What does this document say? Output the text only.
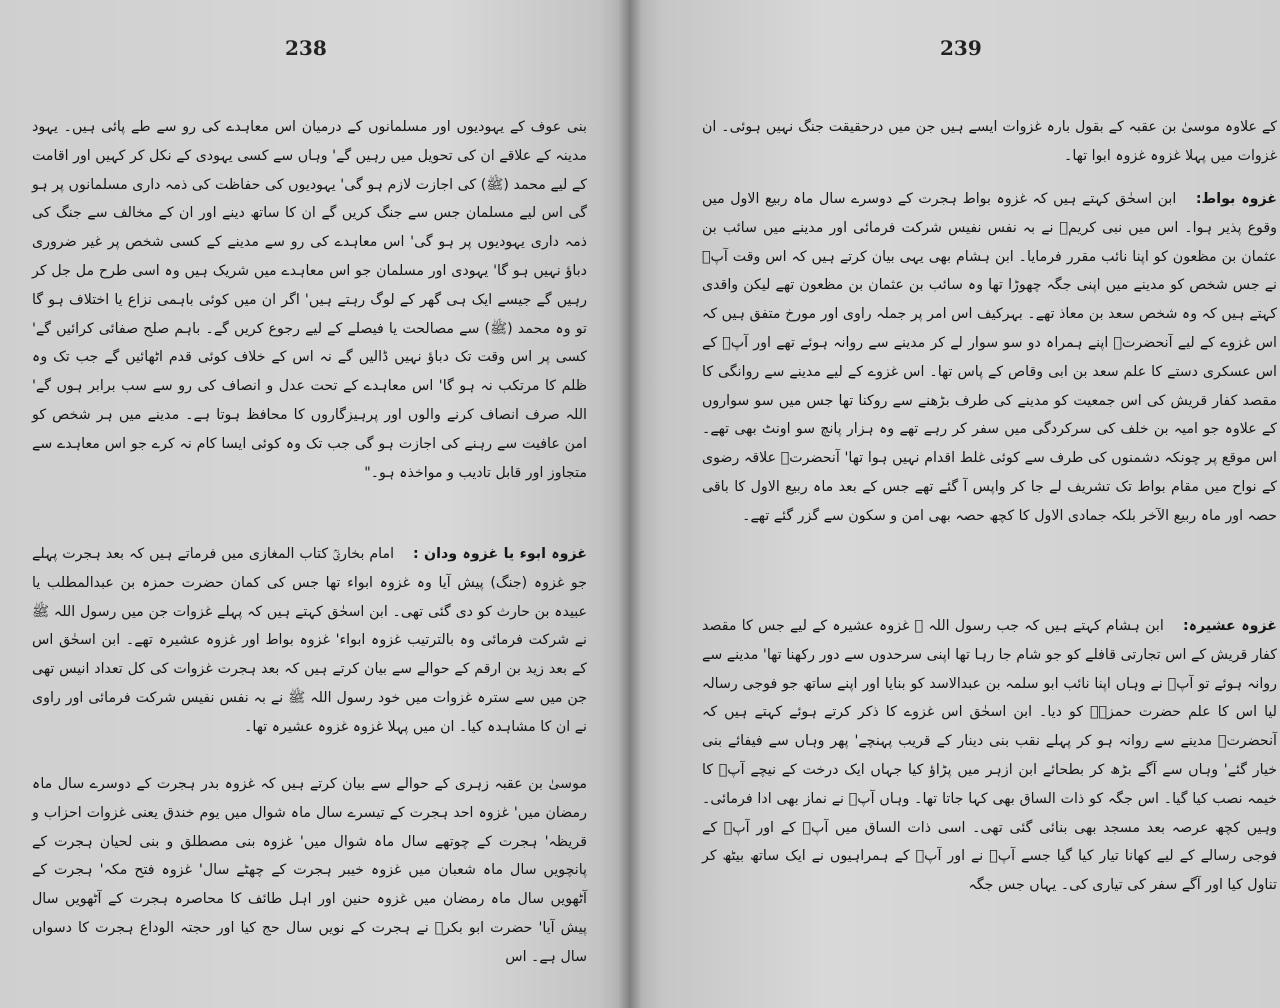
238

بنی عوف کے یہودیوں اور مسلمانوں کے درمیان اس معاہدے کی رو سے طے پائی ہیں۔ یہود مدینہ کے علاقے ان کی تحویل میں رہیں گے' وہاں سے کسی یہودی کے نکل کر کہیں اور اقامت کے لیے محمد (ﷺ) کی اجازت لازم ہو گی' یہودیوں کی حفاظت کی ذمہ داری مسلمانوں پر ہو گی اس لیے مسلمان جس سے جنگ کریں گے ان کا ساتھ دینے اور ان کے مخالف سے جنگ کی ذمہ داری یہودیوں پر ہو گی' اس معاہدے کی رو سے مدینے کے کسی شخص پر غیر ضروری دباؤ نہیں ہو گا' یہودی اور مسلمان جو اس معاہدے میں شریک ہیں وہ اسی طرح مل جل کر رہیں گے جیسے ایک ہی گھر کے لوگ رہتے ہیں' اگر ان میں کوئی باہمی نزاع یا اختلاف ہو گا تو وہ محمد (ﷺ) سے مصالحت یا فیصلے کے لیے رجوع کریں گے۔ باہم صلح صفائی کرائیں گے' کسی پر اس وقت تک دباؤ نہیں ڈالیں گے نہ اس کے خلاف کوئی قدم اٹھائیں گے جب تک وہ ظلم کا مرتکب نہ ہو گا' اس معاہدے کے تحت عدل و انصاف کی رو سے سب برابر ہوں گے' اللہ صرف انصاف کرنے والوں اور پرہیزگاروں کا محافظ ہوتا ہے۔ مدینے میں ہر شخص کو امن عافیت سے رہنے کی اجازت ہو گی جب تک وہ کوئی ایسا کام نہ کرے جو اس معاہدے سے متجاوز اور قابل تادیب و مواخذہ ہو۔"

غزوہ ابوء یا غزوہ ودان : امام بخاریؒ کتاب المغازی میں فرماتے ہیں کہ بعد ہجرت پہلے جو غزوہ (جنگ) پیش آیا وہ غزوہ ابواء تھا جس کی کمان حضرت حمزہ بن عبدالمطلب یا عبیدہ بن حارث کو دی گئی تھی۔ ابن اسحٰق کہتے ہیں کہ پہلے غزوات جن میں رسول اللہ ﷺ نے شرکت فرمائی وہ بالترتیب غزوہ ابواء' غزوہ بواط اور غزوہ عشیرہ تھے۔ ابن اسحٰق اس کے بعد زید بن ارقم کے حوالے سے بیان کرتے ہیں کہ بعد ہجرت غزوات کی کل تعداد انیس تھی جن میں سے سترہ غزوات میں خود رسول اللہ ﷺ نے بہ نفس نفیس شرکت فرمائی اور راوی نے ان کا مشاہدہ کیا۔ ان میں پہلا غزوہ غزوہ عشیرہ تھا۔

موسیٰ بن عقبہ زہری کے حوالے سے بیان کرتے ہیں کہ غزوہ بدر ہجرت کے دوسرے سال ماہ رمضان میں' غزوہ احد ہجرت کے تیسرے سال ماہ شوال میں یوم خندق یعنی غزوات احزاب و قریظہ' ہجرت کے چوتھے سال ماہ شوال میں' غزوہ بنی مصطلق و بنی لحیان ہجرت کے پانچویں سال ماہ شعبان میں غزوہ خیبر ہجرت کے چھٹے سال' غزوہ فتح مکہ' ہجرت کے آٹھویں سال ماہ رمضان میں غزوہ حنین اور اہل طائف کا محاصرہ ہجرت کے آٹھویں سال پیش آیا' حضرت ابو بکرؓ نے ہجرت کے نویں سال حج کیا اور حجتہ الوداع ہجرت کا دسواں سال ہے۔ اس

239

کے علاوہ موسیٰ بن عقبہ کے بقول بارہ غزوات ایسے ہیں جن میں درحقیقت جنگ نہیں ہوئی۔ ان غزوات میں پہلا غزوہ غزوہ ابوا تھا۔

غزوہ بواط: ابن اسحٰق کہتے ہیں کہ غزوہ بواط ہجرت کے دوسرے سال ماہ ربیع الاول میں وقوع پذیر ہوا۔ اس میں نبی کریمؐ نے بہ نفس نفیس شرکت فرمائی اور مدینے میں سائب بن عثمان بن مظعون کو اپنا نائب مقرر فرمایا۔ ابن ہشام بھی یہی بیان کرتے ہیں کہ اس وقت آپؐ نے جس شخص کو مدینے میں اپنی جگہ چھوڑا تھا وہ سائب بن عثمان بن مظعون تھے لیکن واقدی کہتے ہیں کہ وہ شخص سعد بن معاذ تھے۔ بہرکیف اس امر پر جملہ راوی اور مورخ متفق ہیں کہ اس غزوے کے لیے آنحضرتؐ اپنے ہمراہ دو سو سوار لے کر مدینے سے روانہ ہوئے تھے اور آپؐ کے اس عسکری دستے کا علم سعد بن ابی وقاص کے پاس تھا۔ اس غزوے کے لیے مدینے سے روانگی کا مقصد کفار قریش کی اس جمعیت کو مدینے کی طرف بڑھنے سے روکنا تھا جس میں سو سواروں کے علاوہ جو امیہ بن خلف کی سرکردگی میں سفر کر رہے تھے وہ ہزار پانچ سو اونٹ بھی تھے۔ اس موقع پر چونکہ دشمنوں کی طرف سے کوئی غلط اقدام نہیں ہوا تھا' آنحضرتؐ علاقہ رضوی کے نواح میں مقام بواط تک تشریف لے جا کر واپس آ گئے تھے جس کے بعد ماہ ربیع الاول کا باقی حصہ اور ماہ ربیع الآخر بلکہ جمادی الاول کا کچھ حصہ بھی امن و سکون سے گزر گئے تھے۔

غزوہ عشیرہ: ابن ہشام کہتے ہیں کہ جب رسول اللہ ﷺ غزوہ عشیرہ کے لیے جس کا مقصد کفار قریش کے اس تجارتی قافلے کو جو شام جا رہا تھا اپنی سرحدوں سے دور رکھنا تھا' مدینے سے روانہ ہوئے تو آپؐ نے وہاں اپنا نائب ابو سلمہ بن عبدالاسد کو بنایا اور اپنے ساتھ جو فوجی رسالہ لیا اس کا علم حضرت حمزہؓ کو دیا۔ ابن اسحٰق اس غزوے کا ذکر کرتے ہوئے کہتے ہیں کہ آنحضرتؐ مدینے سے روانہ ہو کر پہلے نقب بنی دینار کے قریب پہنچے' پھر وہاں سے فیفائے بنی خیار گئے' وہاں سے آگے بڑھ کر بطحائے ابن ازہر میں پڑاؤ کیا جہاں ایک درخت کے نیچے آپؐ کا خیمہ نصب کیا گیا۔ اس جگہ کو ذات الساق بھی کہا جاتا تھا۔ وہاں آپؐ نے نماز بھی ادا فرمائی۔ وہیں کچھ عرصہ بعد مسجد بھی بنائی گئی تھی۔ اسی ذات الساق میں آپؐ کے اور آپؐ کے فوجی رسالے کے لیے کھانا تیار کیا گیا جسے آپؐ نے اور آپؐ کے ہمراہیوں نے ایک ساتھ بیٹھ کر تناول کیا اور آگے سفر کی تیاری کی۔ یہاں جس جگہ
